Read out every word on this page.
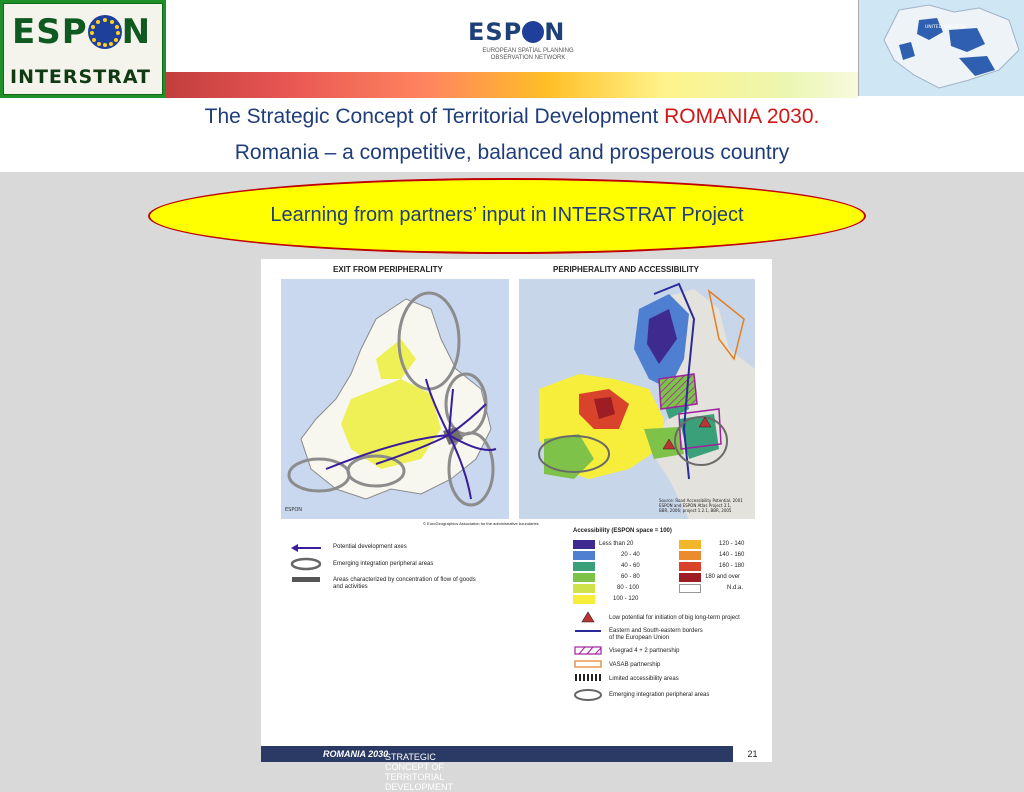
ESP N
INTERSTRAT
ESP N
EUROPEAN SPATIAL PLANNING
OBSERVATION NETWORK
UNITED KINGDOM
The Strategic Concept of Territorial Development ROMANIA 2030.
Romania – a competitive, balanced and prosperous country
Learning from partners’ input in INTERSTRAT Project
EXIT FROM PERIPHERALITY	PERIPHERALITY AND ACCESSIBILITY
ESPON
© EuroGeographics Association for the administrative boundaries
Source: Road Accessibility Potential, 2001
ESPON and ESPON Atlas Project 3.1,
BBR, 2006; project 1.2.1, BBR, 2005
Potential development axes
Emerging integration peripheral areas
Areas characterized by concentration of flow of goods
and activities
Accessibility (ESPON space = 100)
Less than 20
20 - 40
40 - 60
60 - 80
80 - 100
100 - 120
120 - 140
140 - 160
160 - 180
180 and over
N.d.a.
Low potential for initiation of big long-term project
Eastern and South-eastern borders
of the European Union
Visegrad 4 + 2 partnership
VASAB partnership
Limited accessibility areas
Emerging integration peripheral areas
STRATEGIC CONCEPT OF TERRITORIAL DEVELOPMENT
ROMANIA 2030	21
